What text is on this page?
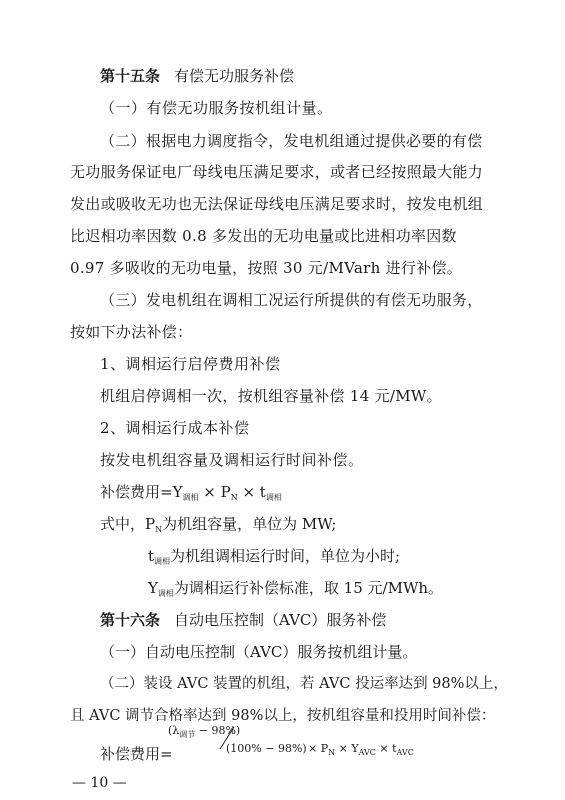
第十五条 有偿无功服务补偿
（一）有偿无功服务按机组计量。
（二）根据电力调度指令，发电机组通过提供必要的有偿
无功服务保证电厂母线电压满足要求，或者已经按照最大能力
发出或吸收无功也无法保证母线电压满足要求时，按发电机组
比迟相功率因数 0.8 多发出的无功电量或比进相功率因数
0.97 多吸收的无功电量，按照 30 元/MVarh 进行补偿。
（三）发电机组在调相工况运行所提供的有偿无功服务，
按如下办法补偿：
1、调相运行启停费用补偿
机组启停调相一次，按机组容量补偿 14 元/MW。
2、调相运行成本补偿
按发电机组容量及调相运行时间补偿。
补偿费用$=Y_{调相} \times P_N \times t_{调相}$
式中，$P_N$为机组容量，单位为 MW;
$t_{调相}$为机组调相运行时间，单位为小时;
$Y_{调相}$为调相运行补偿标准，取 15 元/MWh。
第十六条 自动电压控制（AVC）服务补偿
（一）自动电压控制（AVC）服务按机组计量。
（二）装设 AVC 装置的机组，若 AVC 投运率达到 98%以上，
且 AVC 调节合格率达到 98%以上，按机组容量和投用时间补偿：
补偿费用=
$(\lambda_{调节} - 98\%)$
$(100\% - 98\%) \times P_N \times Y_{AVC} \times t_{AVC}$
— 10 —
